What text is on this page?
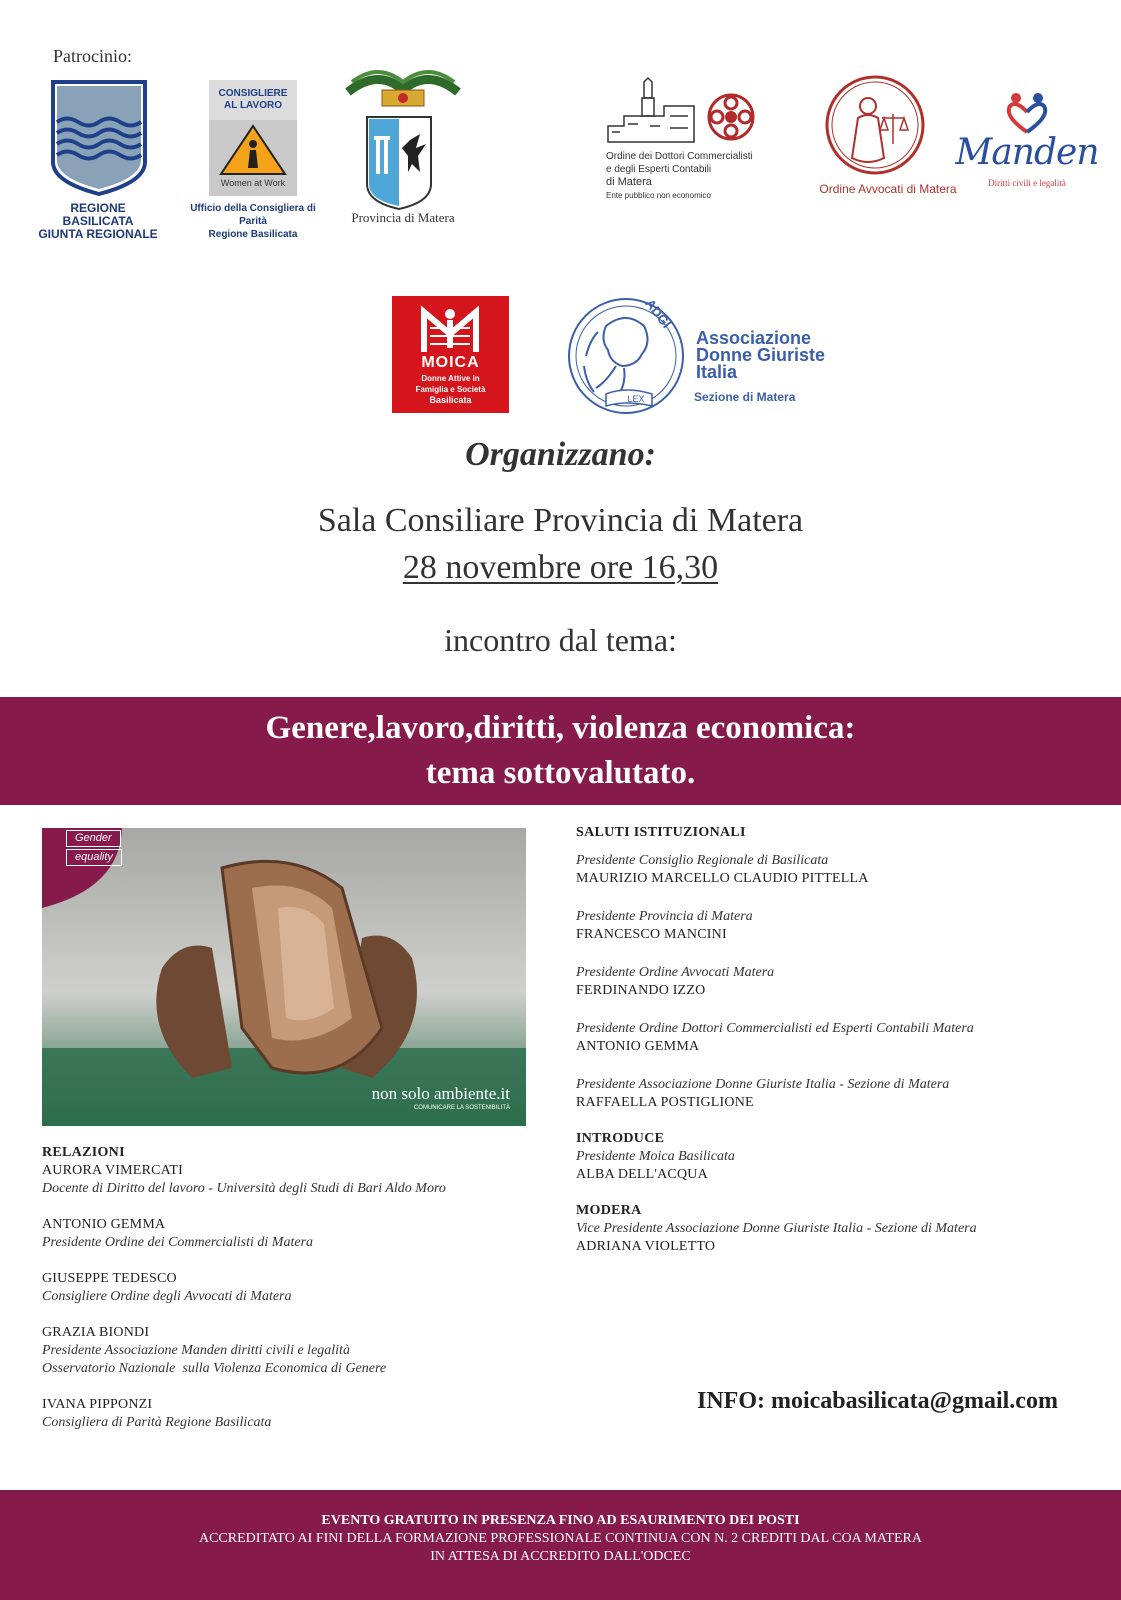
Patrocinio:
REGIONE BASILICATA
GIUNTA REGIONALE
CONSIGLIERE
AL LAVORO
Women at Work
Ufficio della Consigliera di Parità
Regione Basilicata
Provincia di Matera
Ordine dei Dottori Commercialisti
e degli Esperti Contabili
di Matera
Ente pubblico non economico	Ordine Avvocati di Matera
Manden
Diritti civili e legalità
MOICA
Donne Attive in
Famiglia e Società
Basilicata
ADGI
LEX
Associazione
Donne Giuriste
Italia
Sezione di Matera
Organizzano:
Sala Consiliare Provincia di Matera
28 novembre ore 16,30
incontro dal tema:
Genere,lavoro,diritti, violenza economica:
tema sottovalutato.
Gender
equality
non solo ambiente.it
COMUNICARE LA SOSTENIBILITÀ
RELAZIONI
AURORA VIMERCATI
Docente di Diritto del lavoro - Università degli Studi di Bari Aldo Moro
ANTONIO GEMMA
Presidente Ordine dei Commercialisti di Matera
GIUSEPPE TEDESCO
Consigliere Ordine degli Avvocati di Matera
GRAZIA BIONDI
Presidente Associazione Manden diritti civili e legalità
Osservatorio Nazionale  sulla Violenza Economica di Genere
IVANA PIPPONZI
Consigliera di Parità Regione Basilicata
SALUTI ISTITUZIONALI
Presidente Consiglio Regionale di Basilicata
MAURIZIO MARCELLO CLAUDIO PITTELLA
Presidente Provincia di Matera
FRANCESCO MANCINI
Presidente Ordine Avvocati Matera
FERDINANDO IZZO
Presidente Ordine Dottori Commercialisti ed Esperti Contabili Matera
ANTONIO GEMMA
Presidente Associazione Donne Giuriste Italia - Sezione di Matera
RAFFAELLA POSTIGLIONE
INTRODUCE
Presidente Moica Basilicata
ALBA DELL'ACQUA
MODERA
Vice Presidente Associazione Donne Giuriste Italia - Sezione di Matera
ADRIANA VIOLETTO
INFO: moicabasilicata@gmail.com
EVENTO GRATUITO IN PRESENZA FINO AD ESAURIMENTO DEI POSTI
ACCREDITATO AI FINI DELLA FORMAZIONE PROFESSIONALE CONTINUA CON N. 2 CREDITI DAL COA MATERA
IN ATTESA DI ACCREDITO DALL'ODCEC
